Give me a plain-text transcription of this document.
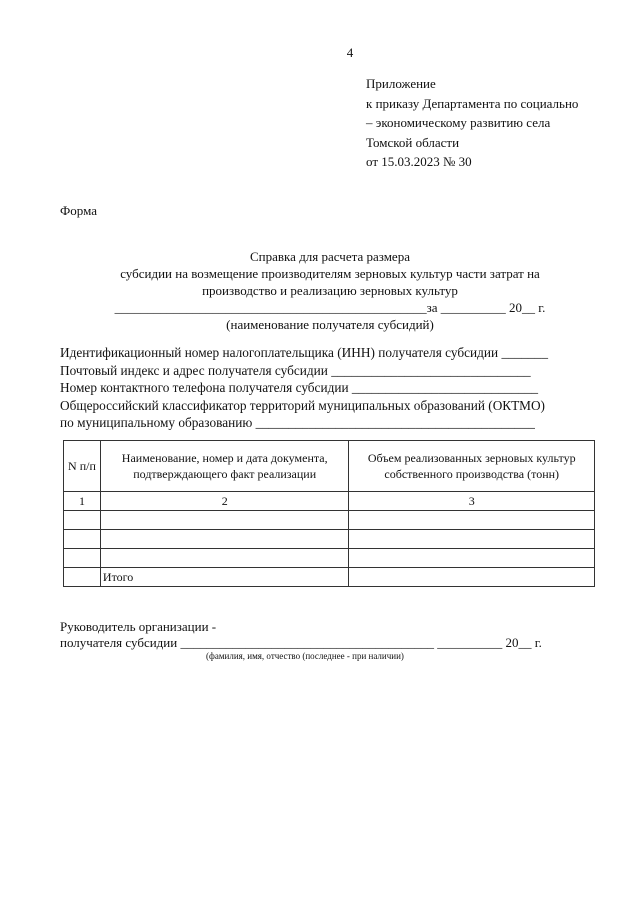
4
Приложение
к приказу Департамента по социально
– экономическому развитию села
Томской области
от 15.03.2023 № 30
Форма
Справка для расчета размера
субсидии на возмещение производителям зерновых культур части затрат на
производство и реализацию зерновых культур
________________________________________________за __________ 20__ г.
(наименование получателя субсидий)
Идентификационный номер налогоплательщика (ИНН) получателя субсидии _______
Почтовый индекс и адрес получателя субсидии ______________________________
Номер контактного телефона получателя субсидии ____________________________
Общероссийский классификатор территорий муниципальных образований (ОКТМО)
по муниципальному образованию __________________________________________
N п/п	Наименование, номер и дата документа, подтверждающего факт реализации	Объем реализованных зерновых культур собственного производства (тонн)
1	2	3

	Итого	
Руководитель организации -
получателя субсидии _______________________________________ __________ 20__ г.
(фамилия, имя, отчество (последнее - при наличии)
